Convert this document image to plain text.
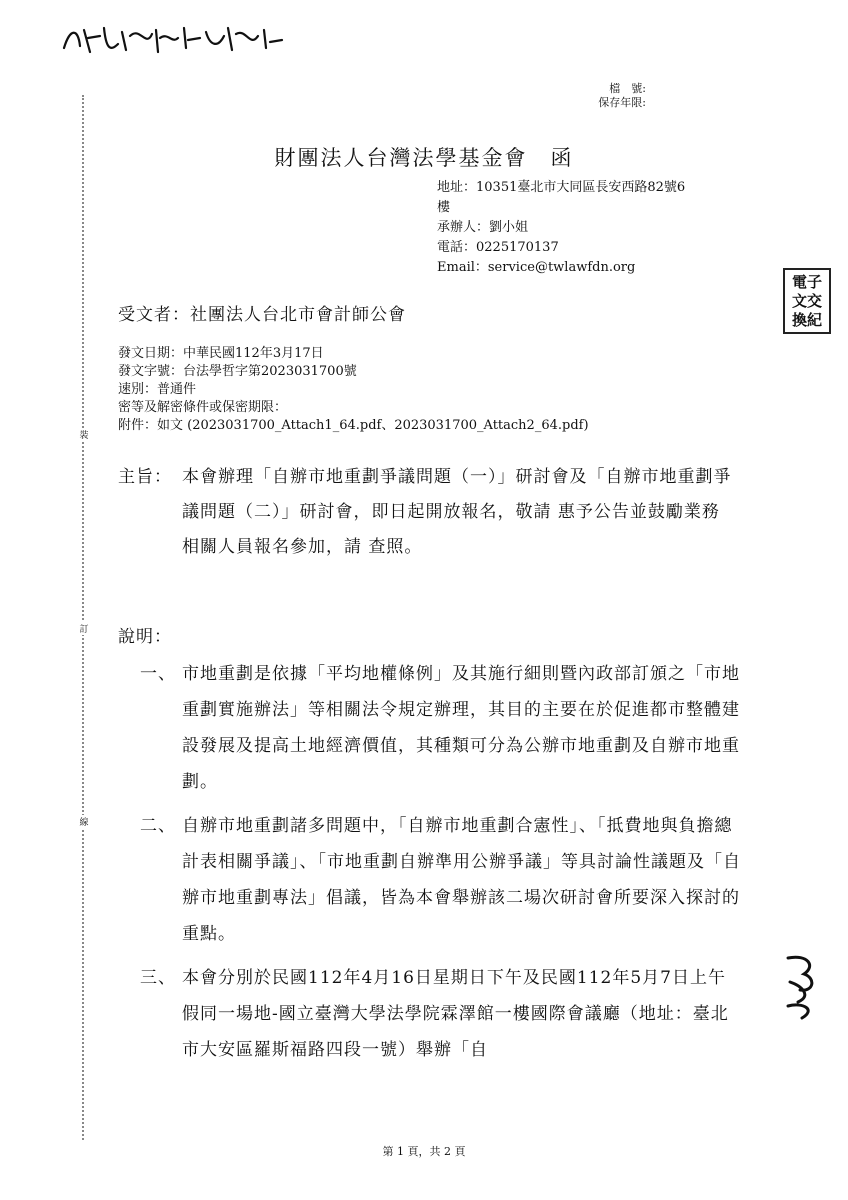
檔　號:
保存年限:
裝
訂
線
財團法人台灣法學基金會　函
地址：10351臺北市大同區長安西路82號6
樓
承辦人：劉小姐
電話：0225170137
Email：service@twlawfdn.org
電子
文交
換紀
受文者：社團法人台北市會計師公會
發文日期：中華民國112年3月17日
發文字號：台法學哲字第2023031700號
速別：普通件
密等及解密條件或保密期限：
附件：如文 (2023031700_Attach1_64.pdf、2023031700_Attach2_64.pdf)
主旨： 本會辦理「自辦市地重劃爭議問題（一）」研討會及「自辦市地重劃爭議問題（二）」研討會，即日起開放報名，敬請 惠予公告並鼓勵業務相關人員報名參加，請 查照。
說明：
一、 市地重劃是依據「平均地權條例」及其施行細則暨內政部訂頒之「市地重劃實施辦法」等相關法令規定辦理，其目的主要在於促進都市整體建設發展及提高土地經濟價值，其種類可分為公辦市地重劃及自辦市地重劃。
二、 自辦市地重劃諸多問題中，「自辦市地重劃合憲性」、「抵費地與負擔總計表相關爭議」、「市地重劃自辦準用公辦爭議」等具討論性議題及「自辦市地重劃專法」倡議，皆為本會舉辦該二場次研討會所要深入探討的重點。
三、 本會分別於民國112年4月16日星期日下午及民國112年5月7日上午假同一場地-國立臺灣大學法學院霖澤館一樓國際會議廳（地址：臺北市大安區羅斯福路四段一號）舉辦「自
第 1 頁，共 2 頁
